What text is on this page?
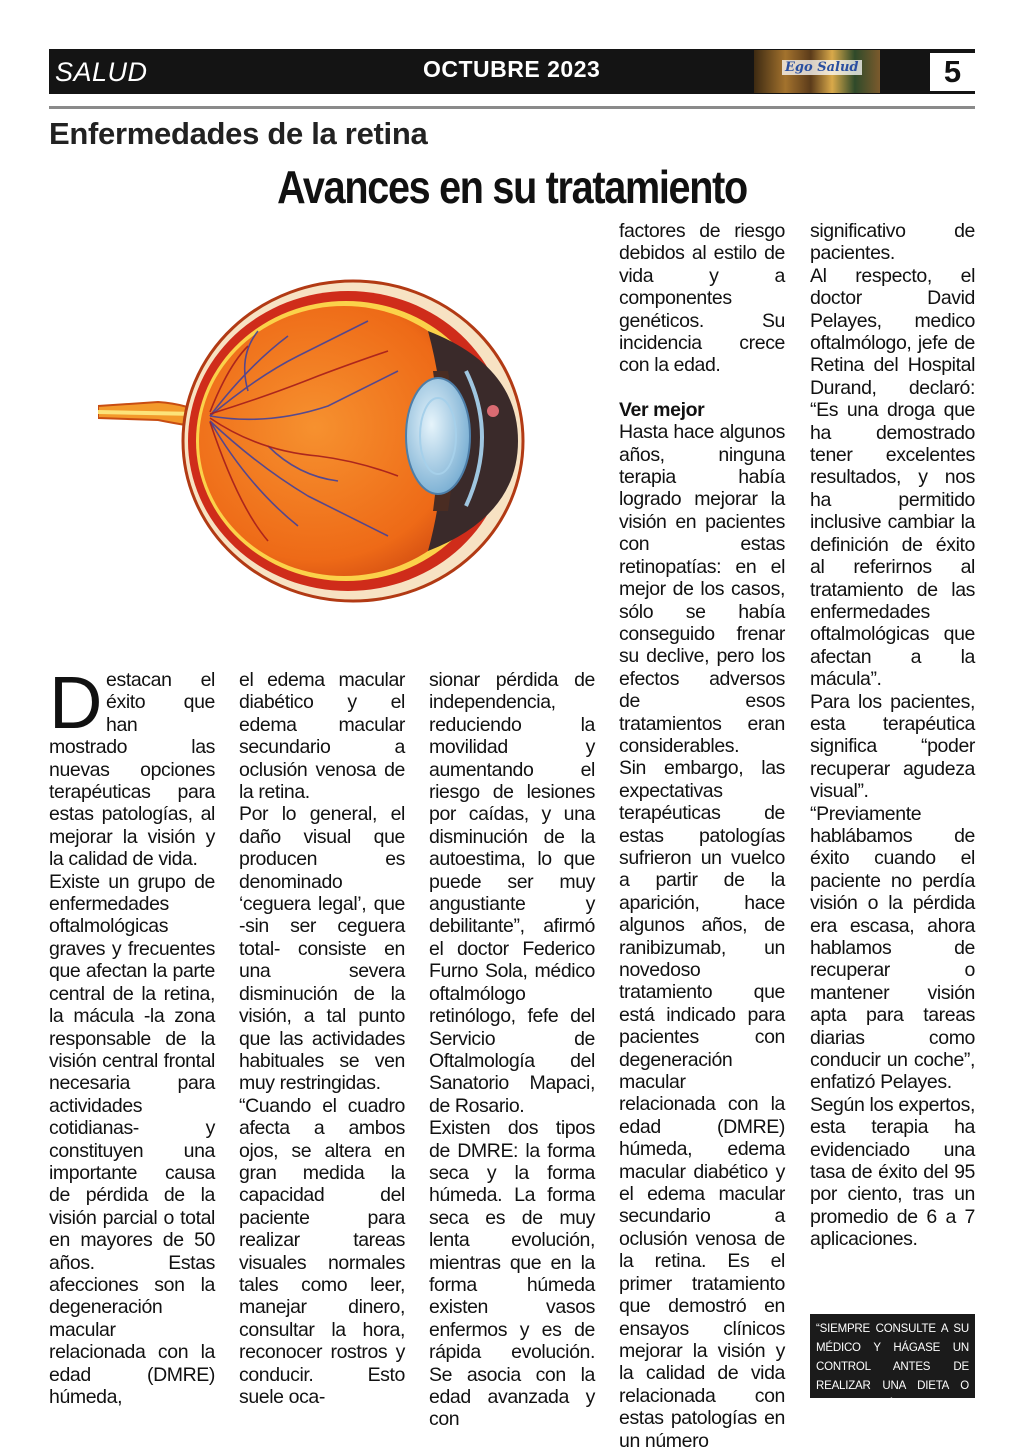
SALUD	OCTUBRE 2023	Ego Salud	5
Enfermedades de la retina
Avances en su tratamiento

Destacan el éxito que han mostrado las nuevas opciones terapéuticas para estas patologías, al mejorar la visión y la calidad de vida.

Existe un grupo de enfermedades oftalmológicas graves y frecuentes que afectan la parte central de la retina, la mácula -la zona responsable de la visión central frontal necesaria para actividades cotidianas- y constituyen una importante causa de pérdida de la visión parcial o total en mayores de 50 años. Estas afecciones son la degeneración macular relacionada con la edad (DMRE) húmeda,

el edema macular diabético y el edema macular secundario a oclusión venosa de la retina.

Por lo general, el daño visual que producen es denominado ‘ceguera legal’, que -sin ser ceguera total- consiste en una severa disminución de la visión, a tal punto que las actividades habituales se ven muy restringidas.

“Cuando el cuadro afecta a ambos ojos, se altera en gran medida la capacidad del paciente para realizar tareas visuales normales tales como leer, manejar dinero, consultar la hora, reconocer rostros y conducir. Esto suele oca-

sionar pérdida de independencia, reduciendo la movilidad y aumentando el riesgo de lesiones por caídas, y una disminución de la autoestima, lo que puede ser muy angustiante y debilitante”, afirmó el doctor Federico Furno Sola, médico oftalmólogo retinólogo, fefe del Servicio de Oftalmología del Sanatorio Mapaci, de Rosario.

Existen dos tipos de DMRE: la forma seca y la forma húmeda. La forma seca es de muy lenta evolución, mientras que en la forma húmeda existen vasos enfermos y es de rápida evolución. Se asocia con la edad avanzada y con

factores de riesgo debidos al estilo de vida y a componentes genéticos. Su incidencia crece con la edad.

Ver mejor

Hasta hace algunos años, ninguna terapia había logrado mejorar la visión en pacientes con estas retinopatías: en el mejor de los casos, sólo se había conseguido frenar su declive, pero los efectos adversos de esos tratamientos eran considerables.

Sin embargo, las expectativas terapéuticas de estas patologías sufrieron un vuelco a partir de la aparición, hace algunos años, de ranibizumab, un novedoso tratamiento que está indicado para pacientes con degeneración macular relacionada con la edad (DMRE) húmeda, edema macular diabético y el edema macular secundario a oclusión venosa de la retina. Es el primer tratamiento que demostró en ensayos clínicos mejorar la visión y la calidad de vida relacionada con estas patologías en un número

significativo de pacientes.

Al respecto, el doctor David Pelayes, medico oftalmólogo, jefe de Retina del Hospital Durand, declaró: “Es una droga que ha demostrado tener excelentes resultados, y nos ha permitido inclusive cambiar la definición de éxito al referirnos al tratamiento de las enfermedades oftalmológicas que afectan a la mácula”.

Para los pacientes, esta terapéutica significa “poder recuperar agudeza visual”.

“Previamente hablábamos de éxito cuando el paciente no perdía visión o la pérdida era escasa, ahora hablamos de recuperar o mantener visión apta para tareas diarias como conducir un coche”, enfatizó Pelayes.

Según los expertos, esta terapia ha evidenciado una tasa de éxito del 95 por ciento, tras un promedio de 6 a 7 aplicaciones.

“SIEMPRE CONSULTE A SU MÉDICO Y HÁGASE UN CONTROL ANTES DE REALIZAR UNA DIETA O ACTIVADAD FÍSICA”
